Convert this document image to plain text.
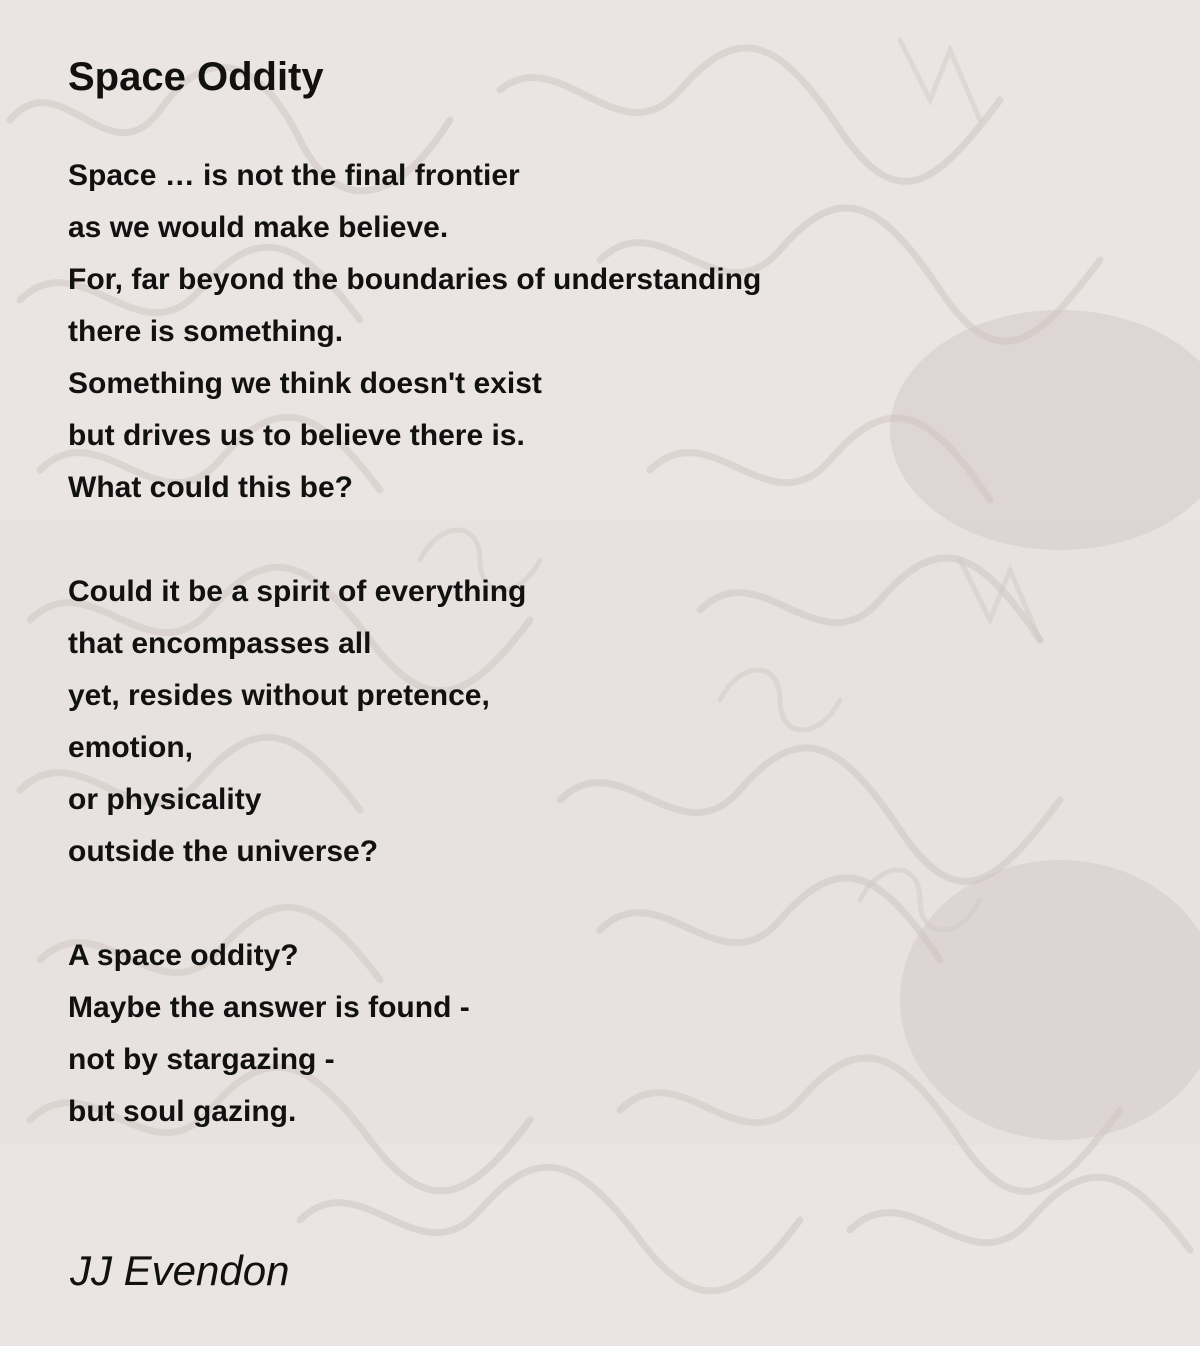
Space Oddity
Space … is not the final frontier
as we would make believe.
For, far beyond the boundaries of understanding
there is something.
Something we think doesn't exist
but drives us to believe there is.
What could this be?
Could it be a spirit of everything
that encompasses all
yet, resides without pretence,
emotion,
or physicality
outside the universe?
A space oddity?
Maybe the answer is found -
not by stargazing -
but soul gazing.
JJ Evendon
